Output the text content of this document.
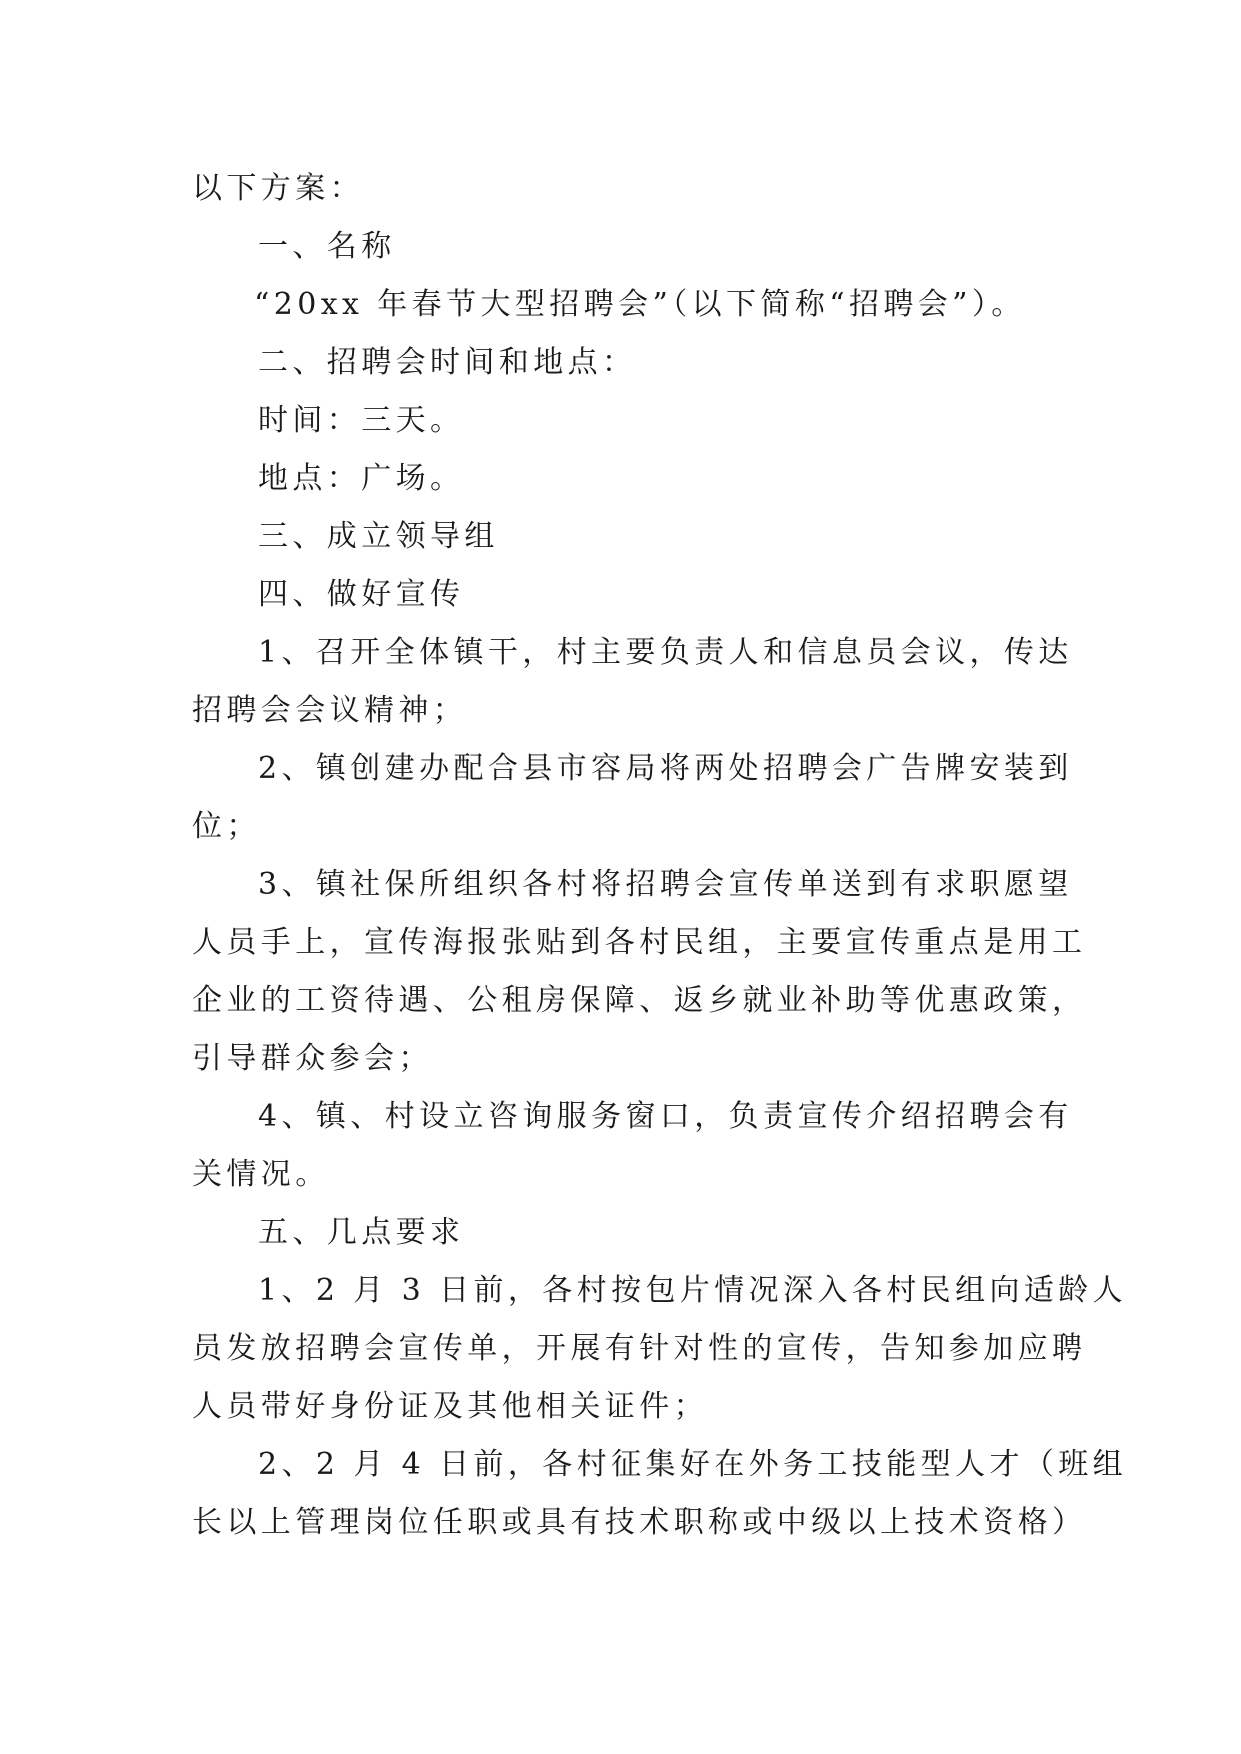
以下方案：
一、名称
“20xx 年春节大型招聘会”（以下简称“招聘会”）。
二、招聘会时间和地点：
时间：三天。
地点：广场。
三、成立领导组
四、做好宣传
1、召开全体镇干，村主要负责人和信息员会议，传达
招聘会会议精神；
2、镇创建办配合县市容局将两处招聘会广告牌安装到
位；
3、镇社保所组织各村将招聘会宣传单送到有求职愿望
人员手上，宣传海报张贴到各村民组，主要宣传重点是用工
企业的工资待遇、公租房保障、返乡就业补助等优惠政策，
引导群众参会；
4、镇、村设立咨询服务窗口，负责宣传介绍招聘会有
关情况。
五、几点要求
1、2 月 3 日前，各村按包片情况深入各村民组向适龄人
员发放招聘会宣传单，开展有针对性的宣传，告知参加应聘
人员带好身份证及其他相关证件；
2、2 月 4 日前，各村征集好在外务工技能型人才（班组
长以上管理岗位任职或具有技术职称或中级以上技术资格）
